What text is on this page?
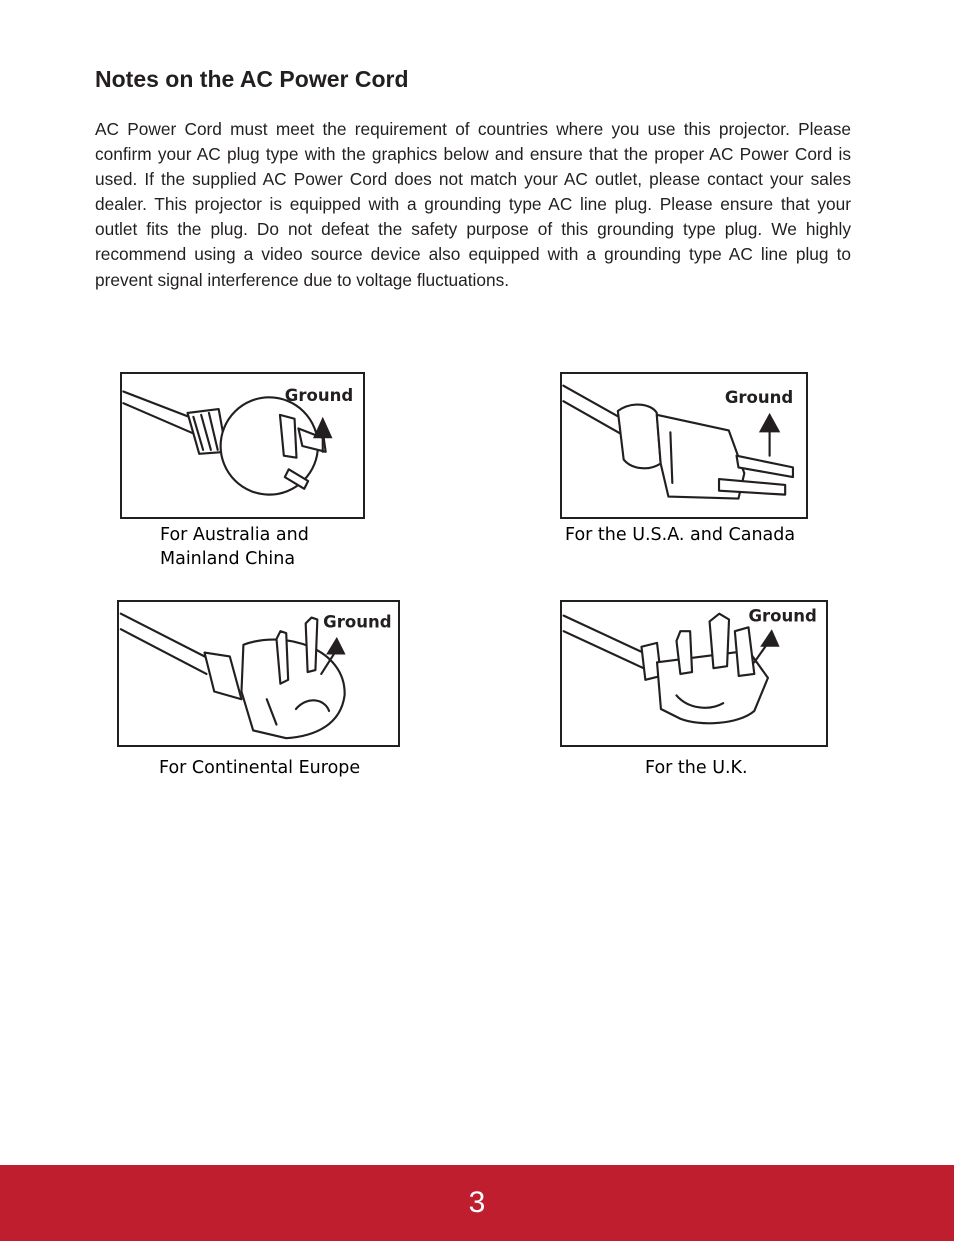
Notes on the AC Power Cord

AC Power Cord must meet the requirement of countries where you use this projector. Please confirm your AC plug type with the graphics below and ensure that the proper AC Power Cord is used. If the supplied AC Power Cord does not match your AC outlet, please contact your sales dealer. This projector is equipped with a grounding type AC line plug. Please ensure that your outlet fits the plug. Do not defeat the safety purpose of this grounding type plug. We highly recommend using a video source device also equipped with a grounding type AC line plug to prevent signal interference due to voltage fluctuations.

Ground

For Australia and

Mainland China

Ground

For the U.S.A. and Canada

Ground

For Continental Europe

Ground

For the U.K.

3
